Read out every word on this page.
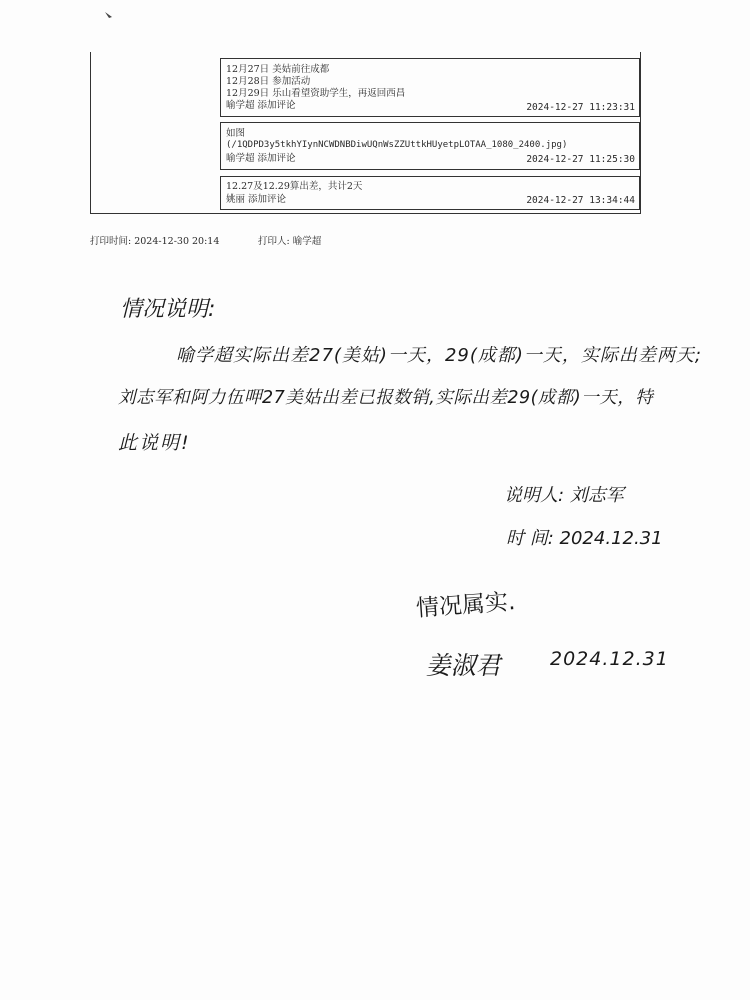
12月27日 美姑前往成都
12月28日 参加活动
12月29日 乐山看望资助学生，再返回西昌
喻学超 添加评论	2024-12-27 11:23:31
如图
(/1QDPD3y5tkhYIynNCWDNBDiwUQnWsZZUttkHUyetpLOTAA_1080_2400.jpg)
喻学超 添加评论	2024-12-27 11:25:30
12.27及12.29算出差，共计2天
姚丽 添加评论	2024-12-27 13:34:44
打印时间: 2024-12-30 20:14	打印人: 喻学超
情况说明:
喻学超实际出差27(美姑)一天，29(成都)一天，实际出差两天;
刘志军和阿力伍呷27美姑出差已报数销,实际出差29(成都)一天，特
此说明!
说明人: 刘志军
时 间: 2024.12.31
情况属实.
姜淑君 2024.12.31
